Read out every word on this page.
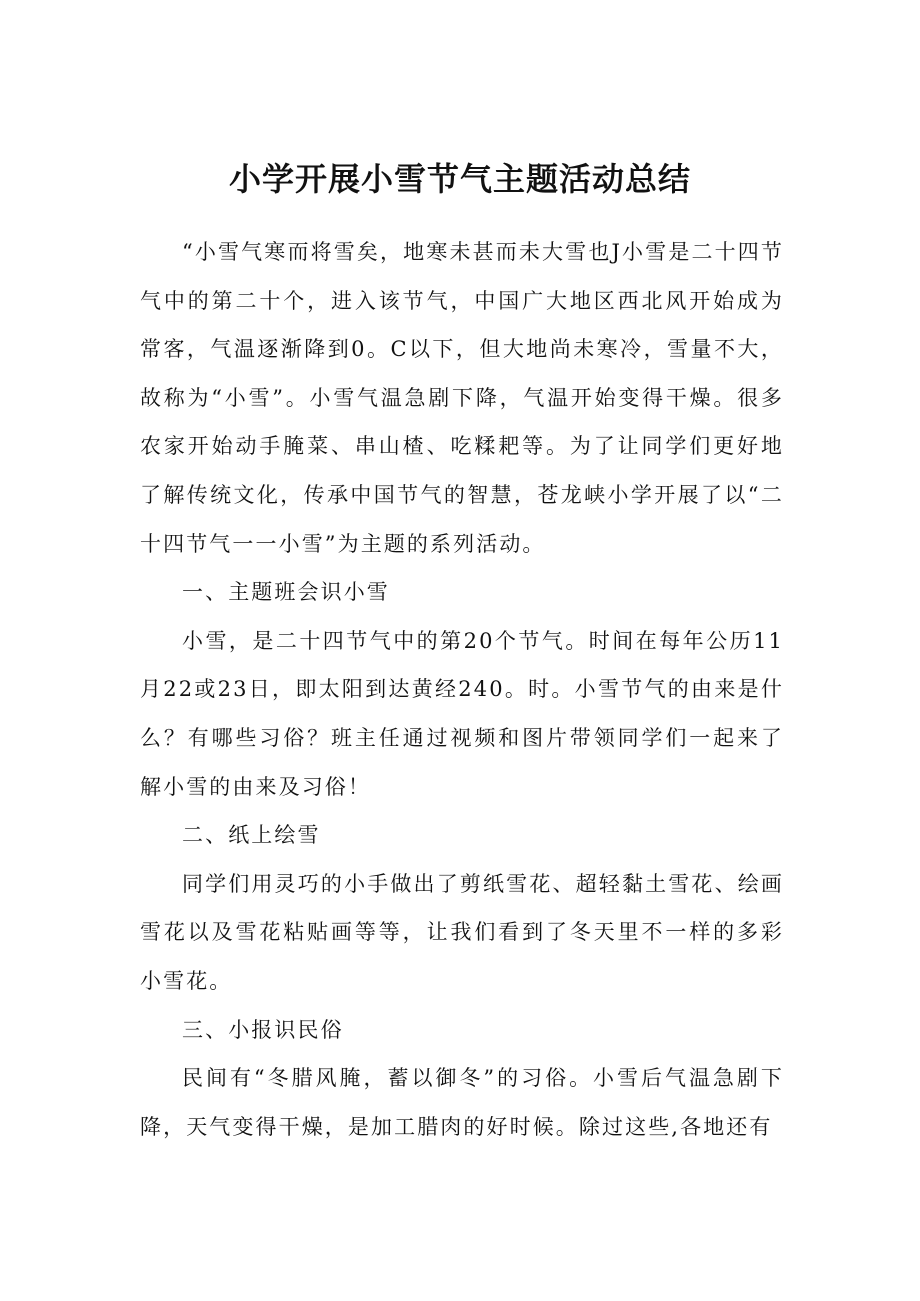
小学开展小雪节气主题活动总结

“小雪气寒而将雪矣，地寒未甚而未大雪也J小雪是二十四节气中的第二十个，进入该节气，中国广大地区西北风开始成为常客，气温逐渐降到0。C以下，但大地尚未寒冷，雪量不大，故称为“小雪”。小雪气温急剧下降，气温开始变得干燥。很多农家开始动手腌菜、串山楂、吃糅耙等。为了让同学们更好地了解传统文化，传承中国节气的智慧，苍龙峡小学开展了以“二十四节气一一小雪”为主题的系列活动。

一、主题班会识小雪

小雪，是二十四节气中的第20个节气。时间在每年公历11月22或23日，即太阳到达黄经240。时。小雪节气的由来是什么？有哪些习俗？班主任通过视频和图片带领同学们一起来了解小雪的由来及习俗！

二、纸上绘雪

同学们用灵巧的小手做出了剪纸雪花、超轻黏土雪花、绘画雪花以及雪花粘贴画等等，让我们看到了冬天里不一样的多彩小雪花。

三、小报识民俗

民间有“冬腊风腌，蓄以御冬”的习俗。小雪后气温急剧下降，天气变得干燥，是加工腊肉的好时候。除过这些,各地还有
